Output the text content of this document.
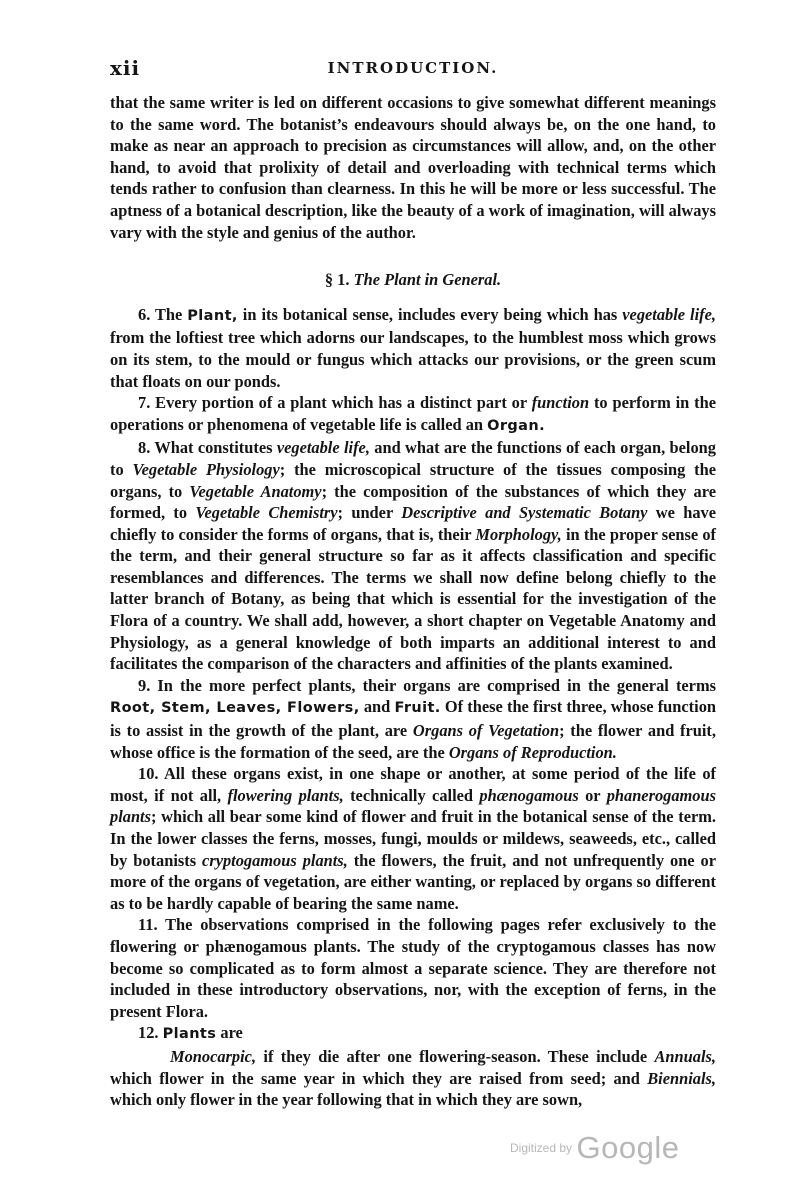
xii	INTRODUCTION.

that the same writer is led on different occasions to give somewhat different meanings to the same word. The botanist’s endeavours should always be, on the one hand, to make as near an approach to precision as circumstances will allow, and, on the other hand, to avoid that prolixity of detail and overloading with technical terms which tends rather to confusion than clearness. In this he will be more or less successful. The aptness of a botanical description, like the beauty of a work of imagination, will always vary with the style and genius of the author.

§ 1. The Plant in General.

6. The Plant, in its botanical sense, includes every being which has vegetable life, from the loftiest tree which adorns our landscapes, to the humblest moss which grows on its stem, to the mould or fungus which attacks our provisions, or the green scum that floats on our ponds.

7. Every portion of a plant which has a distinct part or function to perform in the operations or phenomena of vegetable life is called an Organ.

8. What constitutes vegetable life, and what are the functions of each organ, belong to Vegetable Physiology; the microscopical structure of the tissues composing the organs, to Vegetable Anatomy; the composition of the substances of which they are formed, to Vegetable Chemistry; under Descriptive and Systematic Botany we have chiefly to consider the forms of organs, that is, their Morphology, in the proper sense of the term, and their general structure so far as it affects classification and specific resemblances and differences. The terms we shall now define belong chiefly to the latter branch of Botany, as being that which is essential for the investigation of the Flora of a country. We shall add, however, a short chapter on Vegetable Anatomy and Physiology, as a general knowledge of both imparts an additional interest to and facilitates the comparison of the characters and affinities of the plants examined.

9. In the more perfect plants, their organs are comprised in the general terms Root, Stem, Leaves, Flowers, and Fruit. Of these the first three, whose function is to assist in the growth of the plant, are Organs of Vegetation; the flower and fruit, whose office is the formation of the seed, are the Organs of Reproduction.

10. All these organs exist, in one shape or another, at some period of the life of most, if not all, flowering plants, technically called phænogamous or phanerogamous plants; which all bear some kind of flower and fruit in the botanical sense of the term. In the lower classes the ferns, mosses, fungi, moulds or mildews, seaweeds, etc., called by botanists cryptogamous plants, the flowers, the fruit, and not unfrequently one or more of the organs of vegetation, are either wanting, or replaced by organs so different as to be hardly capable of bearing the same name.

11. The observations comprised in the following pages refer exclusively to the flowering or phænogamous plants. The study of the cryptogamous classes has now become so complicated as to form almost a separate science. They are therefore not included in these introductory observations, nor, with the exception of ferns, in the present Flora.

12. Plants are

Monocarpic, if they die after one flowering-season. These include Annuals, which flower in the same year in which they are raised from seed; and Biennials, which only flower in the year following that in which they are sown,

Digitized by Google
